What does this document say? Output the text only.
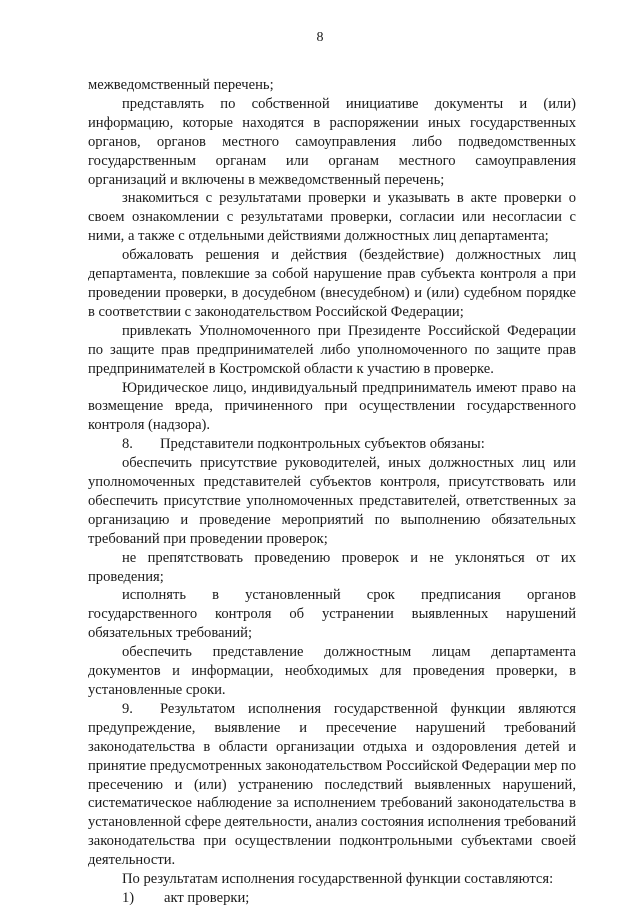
8

межведомственный перечень;

представлять по собственной инициативе документы и (или) информацию, которые находятся в распоряжении иных государственных органов, органов местного самоуправления либо подведомственных государственным органам или органам местного самоуправления организаций и включены в межведомственный перечень;

знакомиться с результатами проверки и указывать в акте проверки о своем ознакомлении с результатами проверки, согласии или несогласии с ними, а также с отдельными действиями должностных лиц департамента;

обжаловать решения и действия (бездействие) должностных лиц департамента, повлекшие за собой нарушение прав субъекта контроля а при проведении проверки, в досудебном (внесудебном) и (или) судебном порядке в соответствии с законодательством Российской Федерации;

привлекать Уполномоченного при Президенте Российской Федерации по защите прав предпринимателей либо уполномоченного по защите прав предпринимателей в Костромской области к участию в проверке.

Юридическое лицо, индивидуальный предприниматель имеют право на возмещение вреда, причиненного при осуществлении государственного контроля (надзора).

8. Представители подконтрольных субъектов обязаны:

обеспечить присутствие руководителей, иных должностных лиц или уполномоченных представителей субъектов контроля, присутствовать или обеспечить присутствие уполномоченных представителей, ответственных за организацию и проведение мероприятий по выполнению обязательных требований при проведении проверок;

не препятствовать проведению проверок и не уклоняться от их проведения;

исполнять в установленный срок предписания органов государственного контроля об устранении выявленных нарушений обязательных требований;

обеспечить представление должностным лицам департамента документов и информации, необходимых для проведения проверки, в установленные сроки.

9. Результатом исполнения государственной функции являются предупреждение, выявление и пресечение нарушений требований законодательства в области организации отдыха и оздоровления детей и принятие предусмотренных законодательством Российской Федерации мер по пресечению и (или) устранению последствий выявленных нарушений, систематическое наблюдение за исполнением требований законодательства в установленной сфере деятельности, анализ состояния исполнения требований законодательства при осуществлении подконтрольными субъектами своей деятельности.

По результатам исполнения государственной функции составляются:

1) акт проверки;
